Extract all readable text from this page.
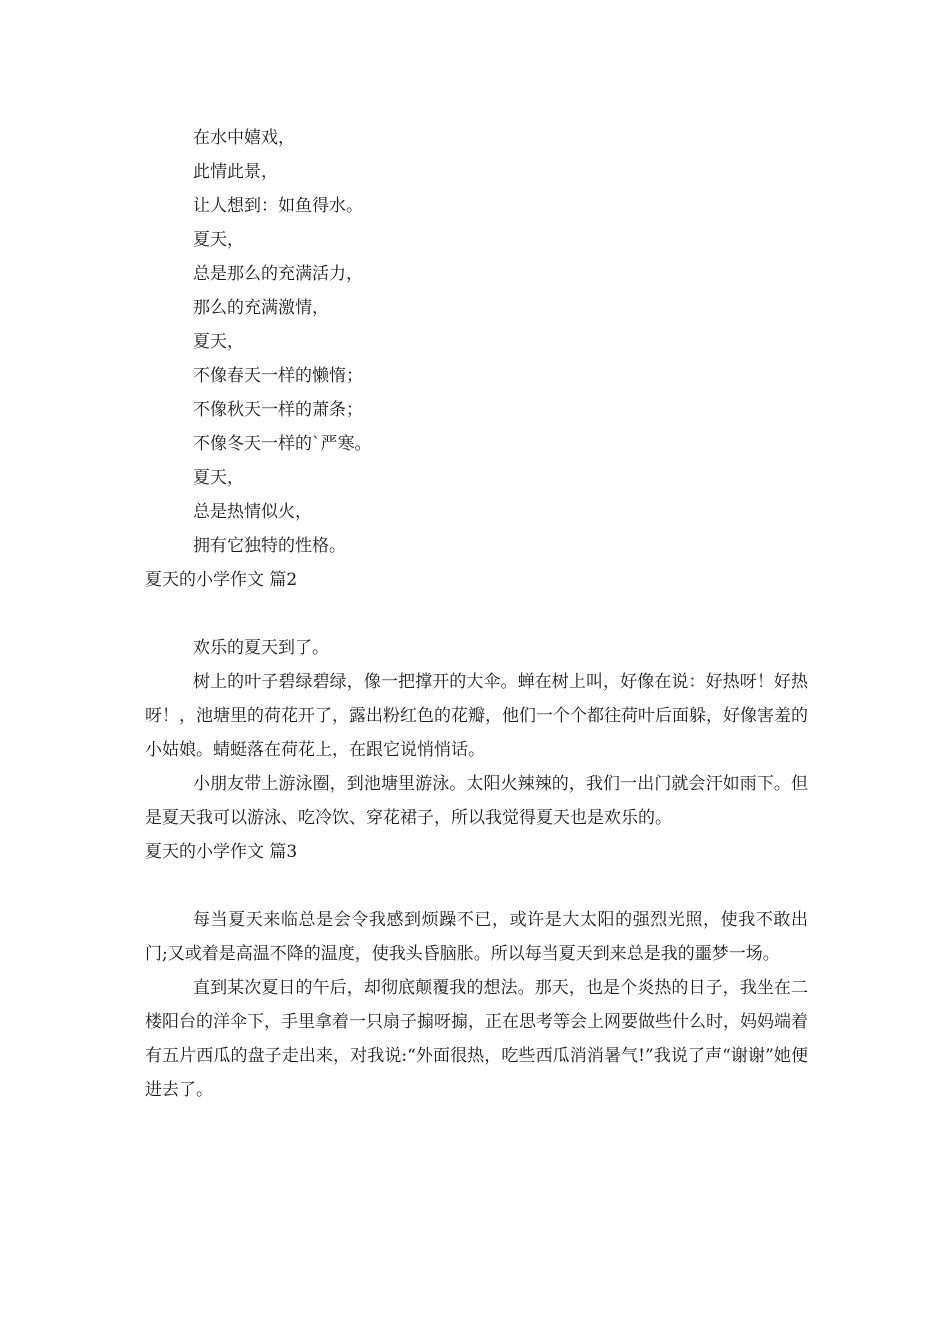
在水中嬉戏，
此情此景，
让人想到：如鱼得水。
夏天，
总是那么的充满活力，
那么的充满激情，
夏天，
不像春天一样的懒惰；
不像秋天一样的萧条；
不像冬天一样的`严寒。
夏天，
总是热情似火，
拥有它独特的性格。
夏天的小学作文 篇2
欢乐的夏天到了。
树上的叶子碧绿碧绿，像一把撑开的大伞。蝉在树上叫，好像在说：好热呀！好热呀！，池塘里的荷花开了，露出粉红色的花瓣，他们一个个都往荷叶后面躲，好像害羞的小姑娘。蜻蜓落在荷花上，在跟它说悄悄话。
小朋友带上游泳圈，到池塘里游泳。太阳火辣辣的，我们一出门就会汗如雨下。但是夏天我可以游泳、吃冷饮、穿花裙子，所以我觉得夏天也是欢乐的。
夏天的小学作文 篇3
每当夏天来临总是会令我感到烦躁不已，或许是大太阳的强烈光照，使我不敢出门;又或着是高温不降的温度，使我头昏脑胀。所以每当夏天到来总是我的噩梦一场。
直到某次夏日的午后，却彻底颠覆我的想法。那天，也是个炎热的日子，我坐在二楼阳台的洋伞下，手里拿着一只扇子搧呀搧，正在思考等会上网要做些什么时，妈妈端着有五片西瓜的盘子走出来，对我说:“外面很热，吃些西瓜消消暑气!”我说了声“谢谢”她便进去了。
